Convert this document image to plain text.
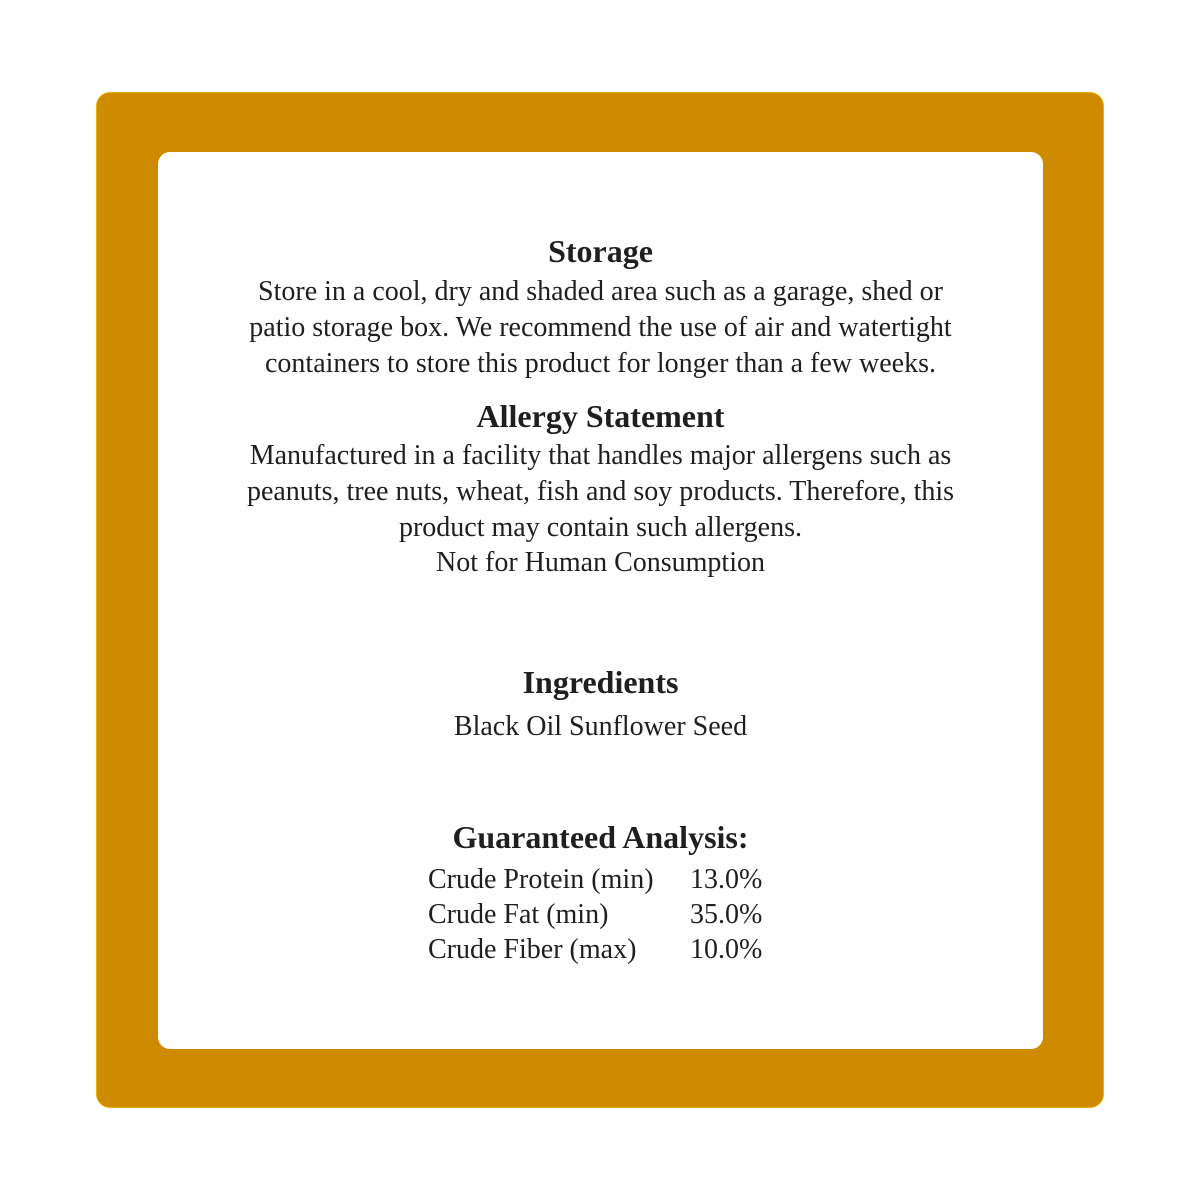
Storage
Store in a cool, dry and shaded area such as a garage, shed or
patio storage box. We recommend the use of air and watertight
containers to store this product for longer than a few weeks.
Allergy Statement
Manufactured in a facility that handles major allergens such as
peanuts, tree nuts, wheat, fish and soy products. Therefore, this
product may contain such allergens.
Not for Human Consumption
Ingredients
Black Oil Sunflower Seed
Guaranteed Analysis:
Crude Protein (min) 13.0%
Crude Fat (min)	35.0%
Crude Fiber (max) 10.0%
